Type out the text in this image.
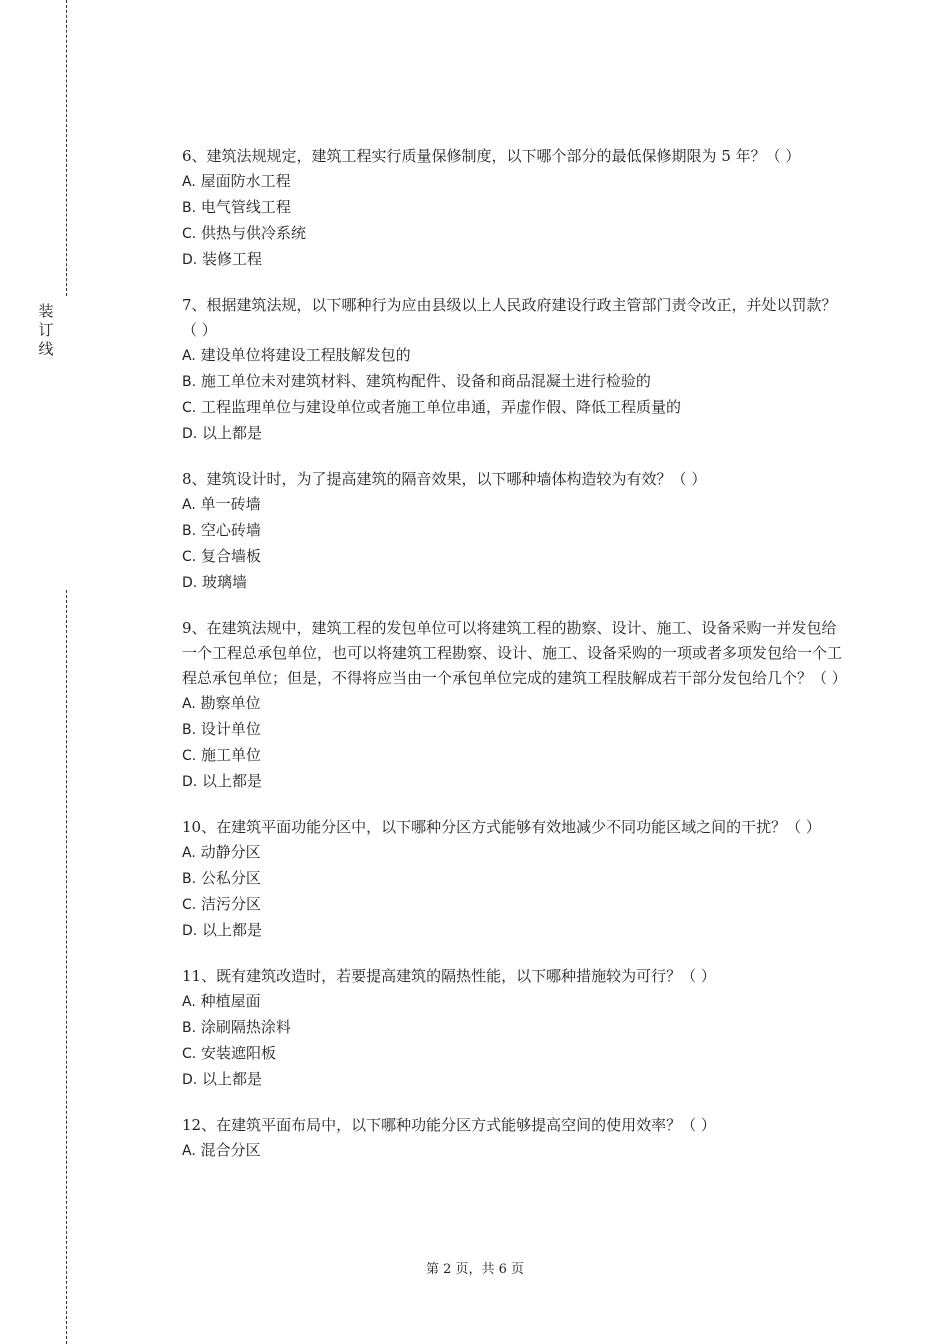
装
订
线
6、建筑法规规定，建筑工程实行质量保修制度，以下哪个部分的最低保修期限为 5 年？（ ）
A. 屋面防水工程
B. 电气管线工程
C. 供热与供冷系统
D. 装修工程
7、根据建筑法规，以下哪种行为应由县级以上人民政府建设行政主管部门责令改正，并处以罚款？（ ）
A. 建设单位将建设工程肢解发包的
B. 施工单位未对建筑材料、建筑构配件、设备和商品混凝土进行检验的
C. 工程监理单位与建设单位或者施工单位串通，弄虚作假、降低工程质量的
D. 以上都是
8、建筑设计时，为了提高建筑的隔音效果，以下哪种墙体构造较为有效？（ ）
A. 单一砖墙
B. 空心砖墙
C. 复合墙板
D. 玻璃墙
9、在建筑法规中，建筑工程的发包单位可以将建筑工程的勘察、设计、施工、设备采购一并发包给一个工程总承包单位，也可以将建筑工程勘察、设计、施工、设备采购的一项或者多项发包给一个工程总承包单位；但是，不得将应当由一个承包单位完成的建筑工程肢解成若干部分发包给几个？（ ）
A. 勘察单位
B. 设计单位
C. 施工单位
D. 以上都是
10、在建筑平面功能分区中，以下哪种分区方式能够有效地减少不同功能区域之间的干扰？（ ）
A. 动静分区
B. 公私分区
C. 洁污分区
D. 以上都是
11、既有建筑改造时，若要提高建筑的隔热性能，以下哪种措施较为可行？（ ）
A. 种植屋面
B. 涂刷隔热涂料
C. 安装遮阳板
D. 以上都是
12、在建筑平面布局中，以下哪种功能分区方式能够提高空间的使用效率？（ ）
A. 混合分区
第 2 页，共 6 页
